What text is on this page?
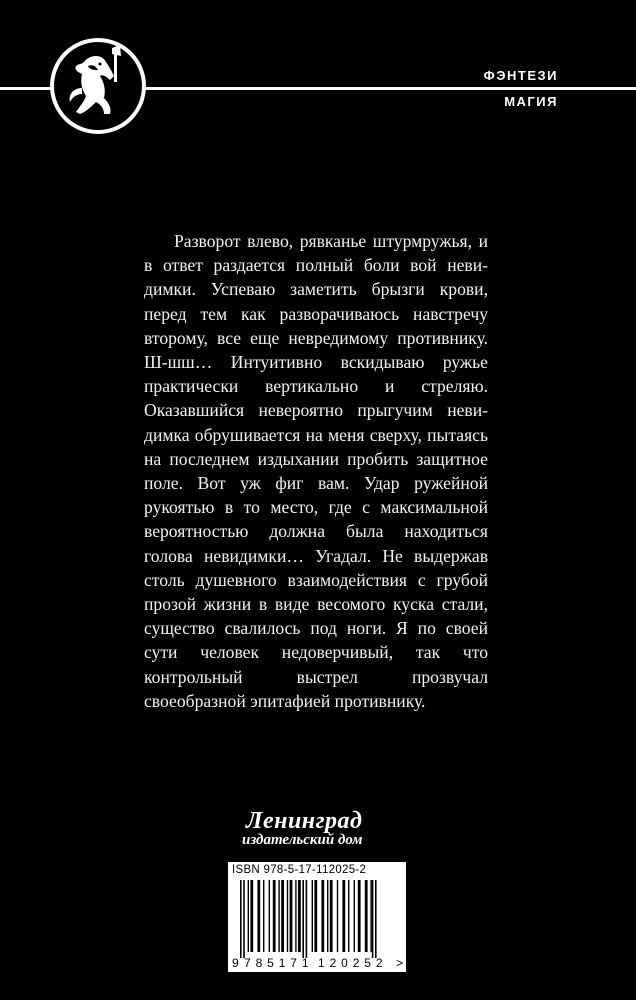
ФЭНТЕЗИ
МАГИЯ
Разворот влево, рявканье штурмружья, и в ответ раздается полный боли вой невидимки. Успеваю заметить брызги крови, перед тем как разворачиваюсь навстречу второму, все еще невредимому противнику. Ш-шш… Интуитивно вскидываю ружье практически вертикально и стреляю. Оказавшийся невероятно прыгучим невидимка обрушивается на меня сверху, пытаясь на последнем издыхании пробить защитное поле. Вот уж фиг вам. Удар ружейной рукоятью в то место, где с максимальной вероятностью должна была находиться голова невидимки… Угадал. Не выдержав столь душевного взаимодействия с грубой прозой жизни в виде весомого куска стали, существо свалилось под ноги. Я по своей сути человек недоверчивый, так что контрольный выстрел прозвучал своеобразной эпитафией противнику.
Ленинград
издательский дом
ISBN 978-5-17-112025-2
9 785171 120252 >
